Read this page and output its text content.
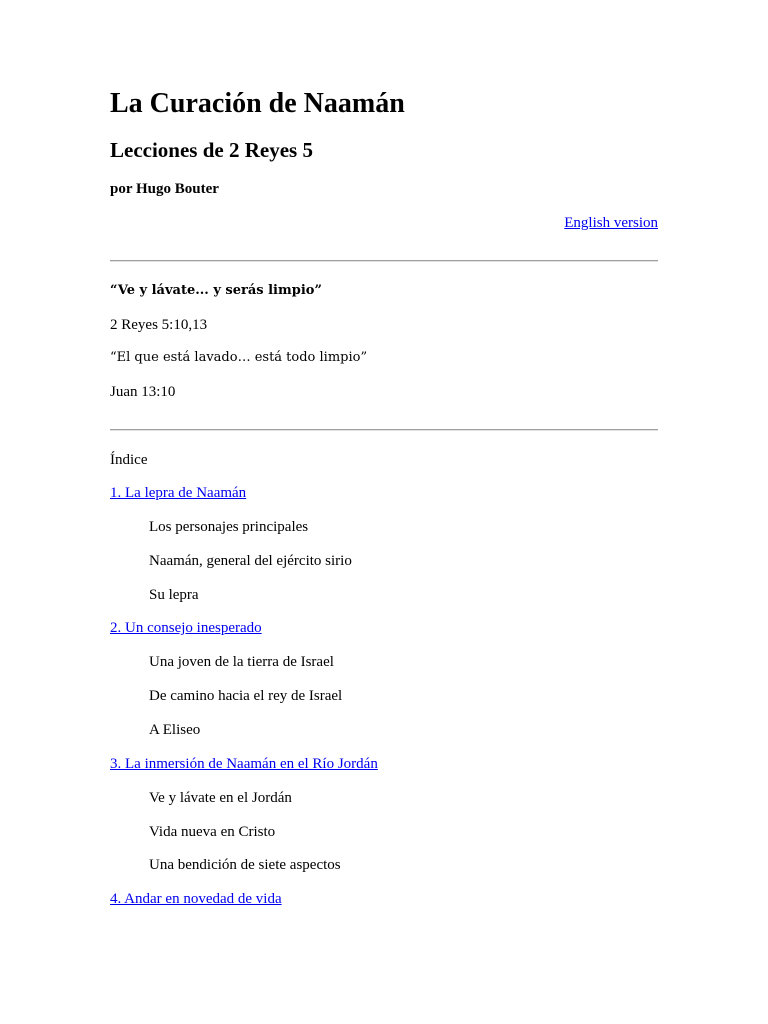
La Curación de Naamán
Lecciones de 2 Reyes 5
por Hugo Bouter
English version
“Ve y lávate... y serás limpio”
2 Reyes 5:10,13
“El que está lavado… está todo limpio”
Juan 13:10
Índice
1. La lepra de Naamán
Los personajes principales
Naamán, general del ejército sirio
Su lepra
2. Un consejo inesperado
Una joven de la tierra de Israel
De camino hacia el rey de Israel
A Eliseo
3. La inmersión de Naamán en el Río Jordán
Ve y lávate en el Jordán
Vida nueva en Cristo
Una bendición de siete aspectos
4. Andar en novedad de vida
